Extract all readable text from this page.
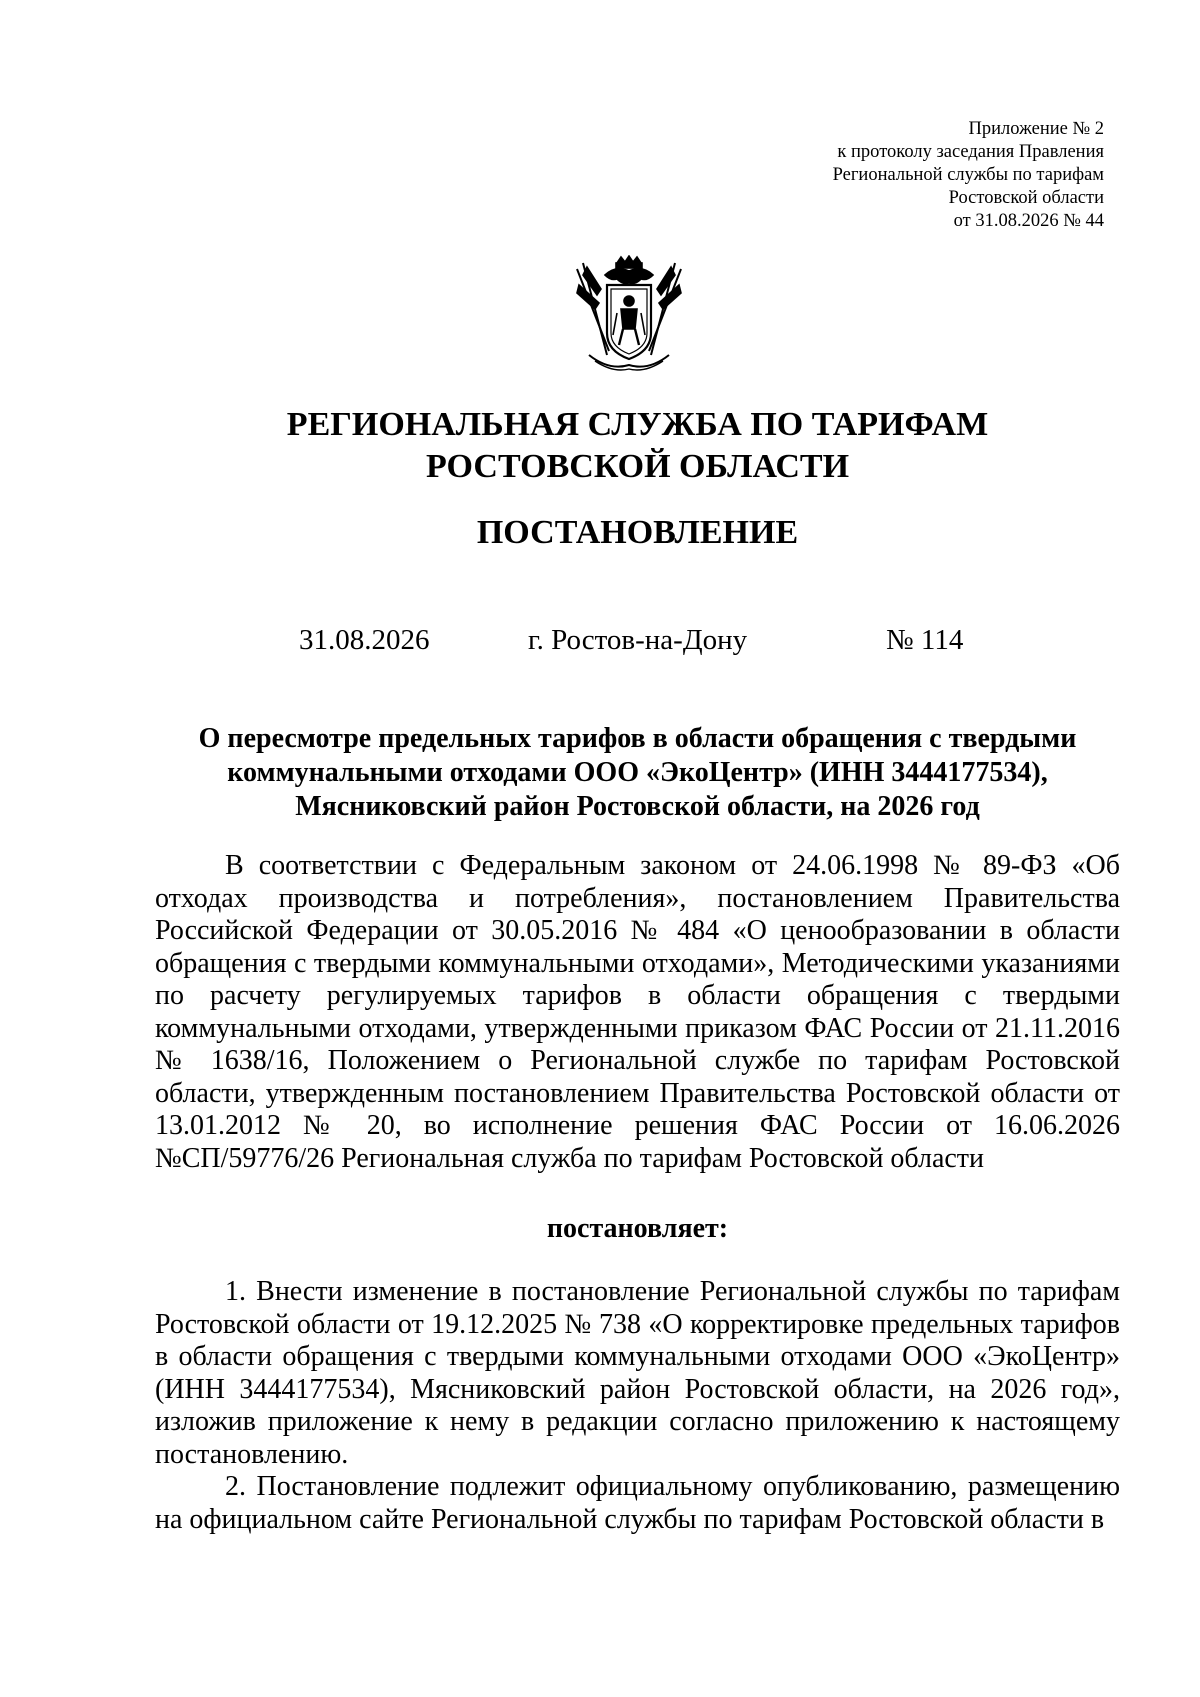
Приложение № 2
к протоколу заседания Правления
Региональной службы по тарифам
Ростовской области
от 31.08.2026 № 44
РЕГИОНАЛЬНАЯ СЛУЖБА ПО ТАРИФАМ
РОСТОВСКОЙ ОБЛАСТИ
ПОСТАНОВЛЕНИЕ
31.08.2026	г. Ростов-на-Дону	№ 114
О пересмотре предельных тарифов в области обращения с твердыми
коммунальными отходами ООО «ЭкоЦентр» (ИНН 3444177534),
Мясниковский район Ростовской области, на 2026 год

В соответствии с Федеральным законом от 24.06.1998 № 89-ФЗ «Об отходах производства и потребления», постановлением Правительства Российской Федерации от 30.05.2016 № 484 «О ценообразовании в области обращения с твердыми коммунальными отходами», Методическими указаниями по расчету регулируемых тарифов в области обращения с твердыми коммунальными отходами, утвержденными приказом ФАС России от 21.11.2016 № 1638/16, Положением о Региональной службе по тарифам Ростовской области, утвержденным постановлением Правительства Ростовской области от 13.01.2012 № 20, во исполнение решения ФАС России от 16.06.2026 №СП/59776/26 Региональная служба по тарифам Ростовской области

постановляет:

1. Внести изменение в постановление Региональной службы по тарифам Ростовской области от 19.12.2025 № 738 «О корректировке предельных тарифов в области обращения с твердыми коммунальными отходами ООО «ЭкоЦентр» (ИНН 3444177534), Мясниковский район Ростовской области, на 2026 год», изложив приложение к нему в редакции согласно приложению к настоящему постановлению.

2. Постановление подлежит официальному опубликованию, размещению на официальном сайте Региональной службы по тарифам Ростовской области в
